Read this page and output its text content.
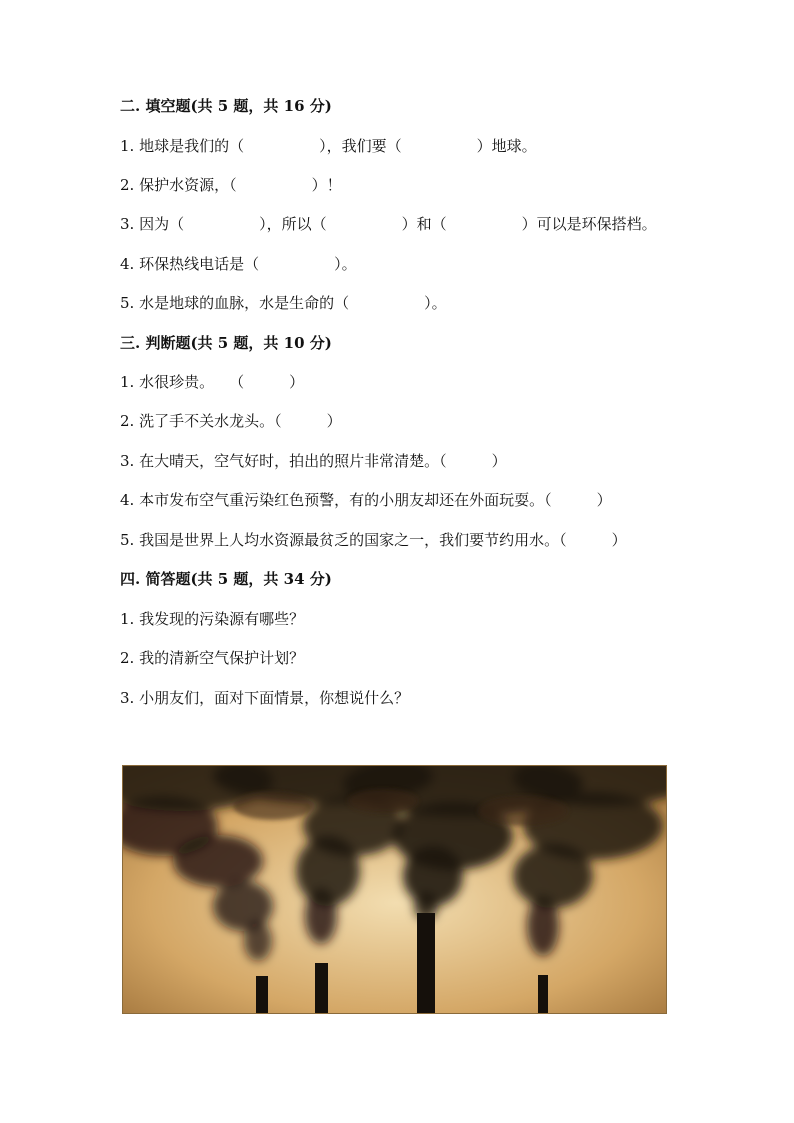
二. 填空题(共 5 题，共 16 分)
1. 地球是我们的（　　　　　），我们要（　　　　　）地球。
2. 保护水资源，（　　　　　）！
3. 因为（　　　　　），所以（　　　　　）和（　　　　　）可以是环保搭档。
4. 环保热线电话是（　　　　　）。
5. 水是地球的血脉，水是生命的（　　　　　）。
三. 判断题(共 5 题，共 10 分)
1. 水很珍贵。　　（　　　）
2. 洗了手不关水龙头。（　　　）
3. 在大晴天，空气好时，拍出的照片非常清楚。（　　　）
4. 本市发布空气重污染红色预警，有的小朋友却还在外面玩耍。（　　　）
5. 我国是世界上人均水资源最贫乏的国家之一，我们要节约用水。（　　　）
四. 简答题(共 5 题，共 34 分)
1. 我发现的污染源有哪些？
2. 我的清新空气保护计划？
3. 小朋友们，面对下面情景，你想说什么？
